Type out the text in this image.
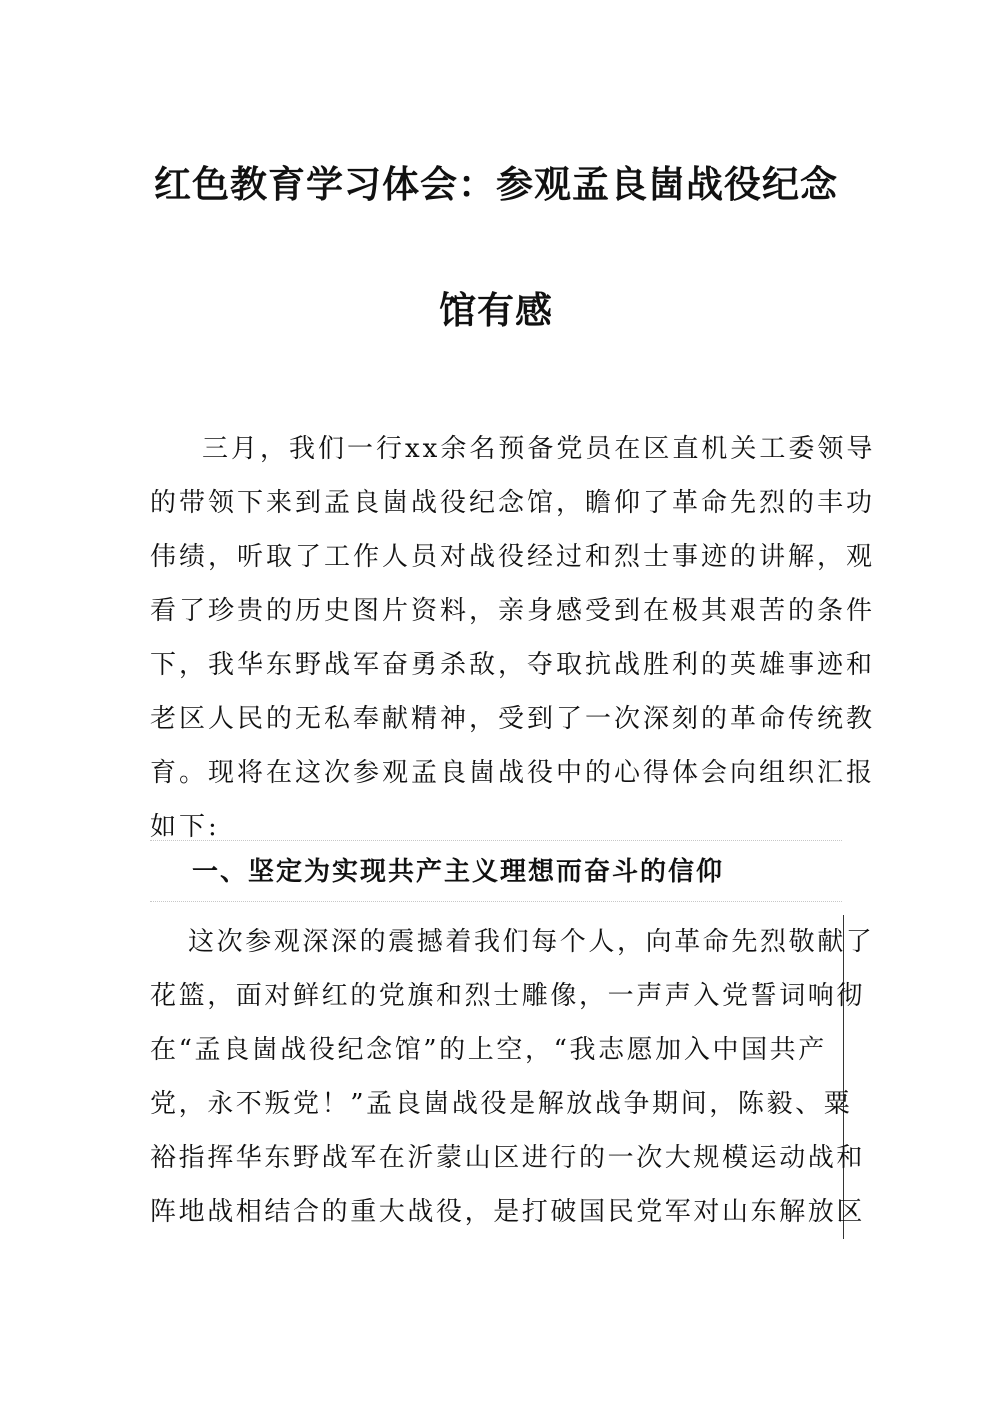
红色教育学习体会：参观孟良崮战役纪念
馆有感
三月，我们一行xx余名预备党员在区直机关工委领导
的带领下来到孟良崮战役纪念馆，瞻仰了革命先烈的丰功
伟绩，听取了工作人员对战役经过和烈士事迹的讲解，观
看了珍贵的历史图片资料，亲身感受到在极其艰苦的条件
下，我华东野战军奋勇杀敌，夺取抗战胜利的英雄事迹和
老区人民的无私奉献精神，受到了一次深刻的革命传统教
育。现将在这次参观孟良崮战役中的心得体会向组织汇报
如下:
一、坚定为实现共产主义理想而奋斗的信仰
这次参观深深的震撼着我们每个人，向革命先烈敬献了
花篮，面对鲜红的党旗和烈士雕像，一声声入党誓词响彻
在“孟良崮战役纪念馆”的上空，“我志愿加入中国共产
党，永不叛党！”孟良崮战役是解放战争期间，陈毅、粟
裕指挥华东野战军在沂蒙山区进行的一次大规模运动战和
阵地战相结合的重大战役，是打破国民党军对山东解放区
